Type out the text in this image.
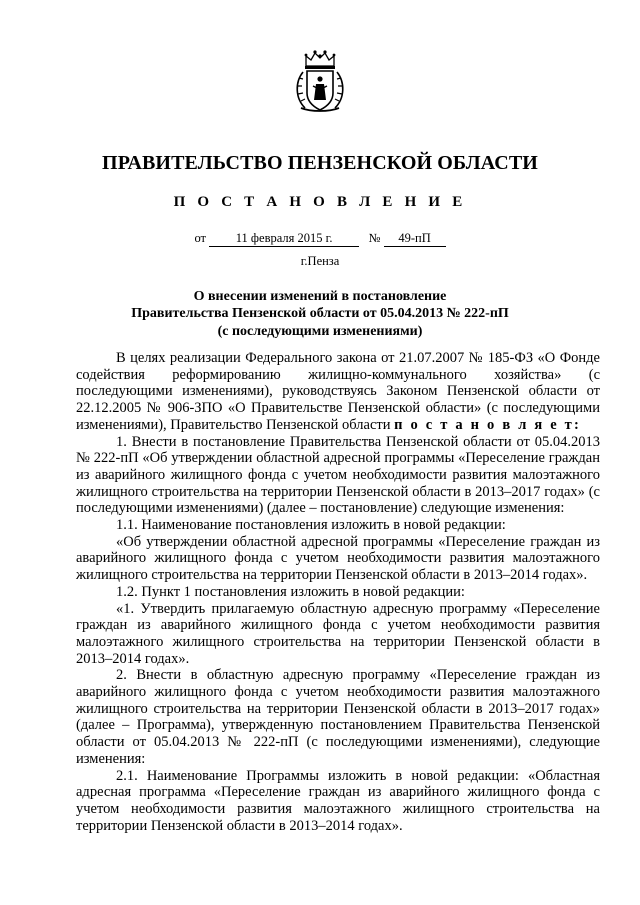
ПРАВИТЕЛЬСТВО ПЕНЗЕНСКОЙ ОБЛАСТИ
П О С Т А Н О В Л Е Н И Е
от 11 февраля 2015 г.	№ 49-пП
г.Пенза
О внесении изменений в постановление
Правительства Пензенской области от 05.04.2013 № 222-пП
(с последующими изменениями)

В целях реализации Федерального закона от 21.07.2007 № 185-ФЗ «О Фонде содействия реформированию жилищно-коммунального хозяйства» (с последующими изменениями), руководствуясь Законом Пензенской области от 22.12.2005 № 906-ЗПО «О Правительстве Пензенской области» (с последующими изменениями), Правительство Пензенской области п о с т а н о в л я е т:

1. Внести в постановление Правительства Пензенской области от 05.04.2013 № 222-пП «Об утверждении областной адресной программы «Переселение граждан из аварийного жилищного фонда с учетом необходимости развития малоэтажного жилищного строительства на территории Пензенской области в 2013–2017 годах» (с последующими изменениями) (далее – постановление) следующие изменения:

1.1. Наименование постановления изложить в новой редакции:

«Об утверждении областной адресной программы «Переселение граждан из аварийного жилищного фонда с учетом необходимости развития малоэтажного жилищного строительства на территории Пензенской области в 2013–2014 годах».

1.2. Пункт 1 постановления изложить в новой редакции:

«1. Утвердить прилагаемую областную адресную программу «Переселение граждан из аварийного жилищного фонда с учетом необходимости развития малоэтажного жилищного строительства на территории Пензенской области в 2013–2014 годах».

2. Внести в областную адресную программу «Переселение граждан из аварийного жилищного фонда с учетом необходимости развития малоэтажного жилищного строительства на территории Пензенской области в 2013–2017 годах» (далее – Программа), утвержденную постановлением Правительства Пензенской области от 05.04.2013 № 222-пП (с последующими изменениями), следующие изменения:

2.1. Наименование Программы изложить в новой редакции: «Областная адресная программа «Переселение граждан из аварийного жилищного фонда с учетом необходимости развития малоэтажного жилищного строительства на территории Пензенской области в 2013–2014 годах».
